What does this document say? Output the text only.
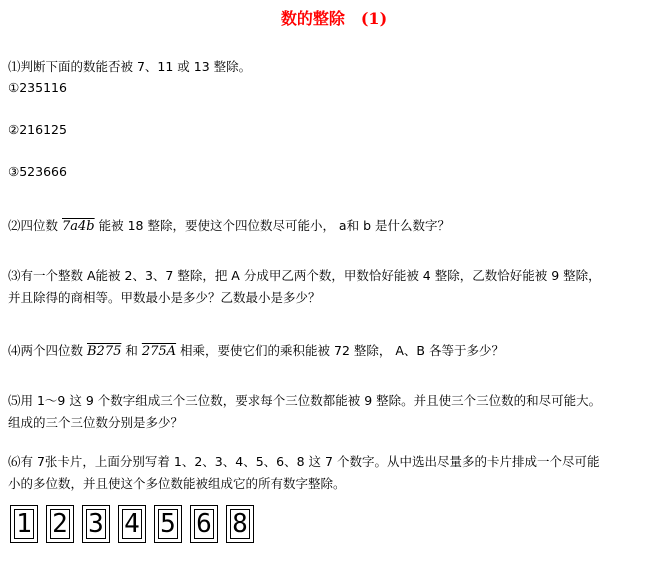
数的整除　(1)
⑴判断下面的数能否被 7、11 或 13 整除。
①235116
②216125
③523666
⑵四位数 7a4b 能被 18 整除，要使这个四位数尽可能小， a和 b 是什么数字？
⑶有一个整数 A能被 2、3、7 整除，把 A 分成甲乙两个数，甲数恰好能被 4 整除，乙数恰好能被 9 整除，
并且除得的商相等。甲数最小是多少？乙数最小是多少？
⑷两个四位数 B275 和 275A 相乘，要使它们的乘积能被 72 整除， A、B 各等于多少？
⑸用 1～9 这 9 个数字组成三个三位数，要求每个三位数都能被 9 整除。并且使三个三位数的和尽可能大。
组成的三个三位数分别是多少？
⑹有 7张卡片，上面分别写着 1、2、3、4、5、6、8 这 7 个数字。从中选出尽量多的卡片排成一个尽可能
小的多位数，并且使这个多位数能被组成它的所有数字整除。
1 2 3 4 5 6 8
